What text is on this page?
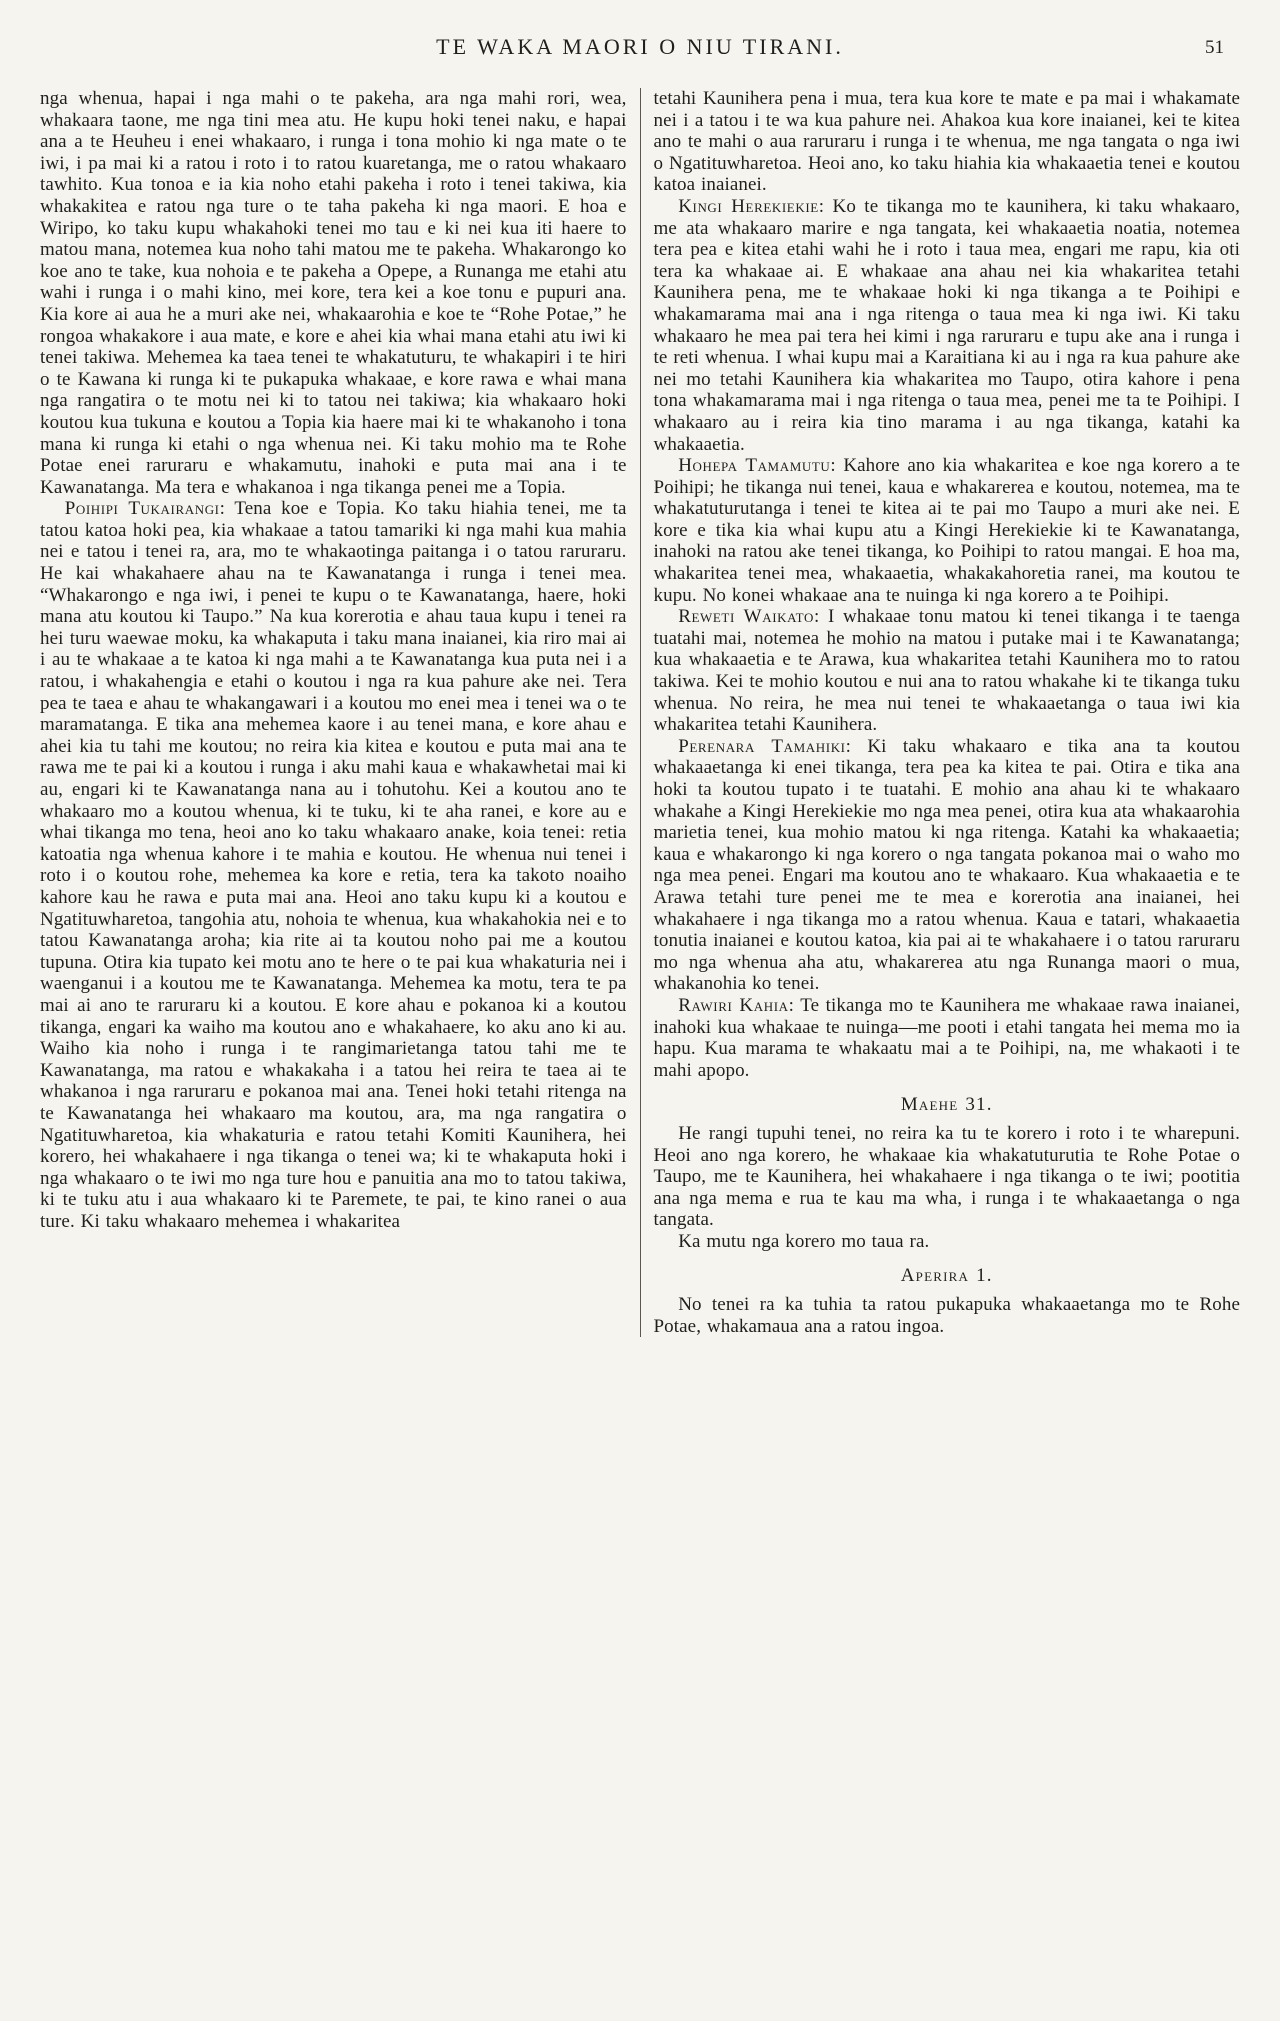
TE WAKA MAORI O NIU TIRANI.	51

nga whenua, hapai i nga mahi o te pakeha, ara nga mahi rori, wea, whakaara taone, me nga tini mea atu. He kupu hoki tenei naku, e hapai ana a te Heuheu i enei whakaaro, i runga i tona mohio ki nga mate o te iwi, i pa mai ki a ratou i roto i to ratou kuaretanga, me o ratou whakaaro tawhito. Kua tonoa e ia kia noho etahi pakeha i roto i tenei takiwa, kia whakakitea e ratou nga ture o te taha pakeha ki nga maori. E hoa e Wiripo, ko taku kupu whakahoki tenei mo tau e ki nei kua iti haere to matou mana, notemea kua noho tahi matou me te pakeha. Whakarongo ko koe ano te take, kua nohoia e te pakeha a Opepe, a Runanga me etahi atu wahi i runga i o mahi kino, mei kore, tera kei a koe tonu e pupuri ana. Kia kore ai aua he a muri ake nei, whakaarohia e koe te “Rohe Potae,” he rongoa whakakore i aua mate, e kore e ahei kia whai mana etahi atu iwi ki tenei takiwa. Mehemea ka taea tenei te whakatuturu, te whakapiri i te hiri o te Kawana ki runga ki te pukapuka whakaae, e kore rawa e whai mana nga rangatira o te motu nei ki to tatou nei takiwa; kia whakaaro hoki koutou kua tukuna e koutou a Topia kia haere mai ki te whakanoho i tona mana ki runga ki etahi o nga whenua nei. Ki taku mohio ma te Rohe Potae enei raruraru e whakamutu, inahoki e puta mai ana i te Kawanatanga. Ma tera e whakanoa i nga tikanga penei me a Topia.

Poihipi Tukairangi: Tena koe e Topia. Ko taku hiahia tenei, me ta tatou katoa hoki pea, kia whakaae a tatou tamariki ki nga mahi kua mahia nei e tatou i tenei ra, ara, mo te whakaotinga paitanga i o tatou raruraru. He kai whakahaere ahau na te Kawanatanga i runga i tenei mea. “Whakarongo e nga iwi, i penei te kupu o te Kawanatanga, haere, hoki mana atu koutou ki Taupo.” Na kua korerotia e ahau taua kupu i tenei ra hei turu waewae moku, ka whakaputa i taku mana inaianei, kia riro mai ai i au te whakaae a te katoa ki nga mahi a te Kawanatanga kua puta nei i a ratou, i whakahengia e etahi o koutou i nga ra kua pahure ake nei. Tera pea te taea e ahau te whakangawari i a koutou mo enei mea i tenei wa o te maramatanga. E tika ana mehemea kaore i au tenei mana, e kore ahau e ahei kia tu tahi me koutou; no reira kia kitea e koutou e puta mai ana te rawa me te pai ki a koutou i runga i aku mahi kaua e whakawhetai mai ki au, engari ki te Kawanatanga nana au i tohutohu. Kei a koutou ano te whakaaro mo a koutou whenua, ki te tuku, ki te aha ranei, e kore au e whai tikanga mo tena, heoi ano ko taku whakaaro anake, koia tenei: retia katoatia nga whenua kahore i te mahia e koutou. He whenua nui tenei i roto i o koutou rohe, mehemea ka kore e retia, tera ka takoto noaiho kahore kau he rawa e puta mai ana. Heoi ano taku kupu ki a koutou e Ngatituwharetoa, tangohia atu, nohoia te whenua, kua whakahokia nei e to tatou Kawanatanga aroha; kia rite ai ta koutou noho pai me a koutou tupuna. Otira kia tupato kei motu ano te here o te pai kua whakaturia nei i waenganui i a koutou me te Kawanatanga. Mehemea ka motu, tera te pa mai ai ano te raruraru ki a koutou. E kore ahau e pokanoa ki a koutou tikanga, engari ka waiho ma koutou ano e whakahaere, ko aku ano ki au. Waiho kia noho i runga i te rangimarietanga tatou tahi me te Kawanatanga, ma ratou e whakakaha i a tatou hei reira te taea ai te whakanoa i nga raruraru e pokanoa mai ana. Tenei hoki tetahi ritenga na te Kawanatanga hei whakaaro ma koutou, ara, ma nga rangatira o Ngatituwharetoa, kia whakaturia e ratou tetahi Komiti Kaunihera, hei korero, hei whakahaere i nga tikanga o tenei wa; ki te whakaputa hoki i nga whakaaro o te iwi mo nga ture hou e panuitia ana mo to tatou takiwa, ki te tuku atu i aua whakaaro ki te Paremete, te pai, te kino ranei o aua ture. Ki taku whakaaro mehemea i whakaritea

tetahi Kaunihera pena i mua, tera kua kore te mate e pa mai i whakamate nei i a tatou i te wa kua pahure nei. Ahakoa kua kore inaianei, kei te kitea ano te mahi o aua raruraru i runga i te whenua, me nga tangata o nga iwi o Ngatituwharetoa. Heoi ano, ko taku hiahia kia whakaaetia tenei e koutou katoa inaianei.

Kingi Herekiekie: Ko te tikanga mo te kaunihera, ki taku whakaaro, me ata whakaaro marire e nga tangata, kei whakaaetia noatia, notemea tera pea e kitea etahi wahi he i roto i taua mea, engari me rapu, kia oti tera ka whakaae ai. E whakaae ana ahau nei kia whakaritea tetahi Kaunihera pena, me te whakaae hoki ki nga tikanga a te Poihipi e whakamarama mai ana i nga ritenga o taua mea ki nga iwi. Ki taku whakaaro he mea pai tera hei kimi i nga raruraru e tupu ake ana i runga i te reti whenua. I whai kupu mai a Karaitiana ki au i nga ra kua pahure ake nei mo tetahi Kaunihera kia whakaritea mo Taupo, otira kahore i pena tona whakamarama mai i nga ritenga o taua mea, penei me ta te Poihipi. I whakaaro au i reira kia tino marama i au nga tikanga, katahi ka whakaaetia.

Hohepa Tamamutu: Kahore ano kia whakaritea e koe nga korero a te Poihipi; he tikanga nui tenei, kaua e whakarerea e koutou, notemea, ma te whakatuturutanga i tenei te kitea ai te pai mo Taupo a muri ake nei. E kore e tika kia whai kupu atu a Kingi Herekiekie ki te Kawanatanga, inahoki na ratou ake tenei tikanga, ko Poihipi to ratou mangai. E hoa ma, whakaritea tenei mea, whakaaetia, whakakahoretia ranei, ma koutou te kupu. No konei whakaae ana te nuinga ki nga korero a te Poihipi.

Reweti Waikato: I whakaae tonu matou ki tenei tikanga i te taenga tuatahi mai, notemea he mohio na matou i putake mai i te Kawanatanga; kua whakaaetia e te Arawa, kua whakaritea tetahi Kaunihera mo to ratou takiwa. Kei te mohio koutou e nui ana to ratou whakahe ki te tikanga tuku whenua. No reira, he mea nui tenei te whakaaetanga o taua iwi kia whakaritea tetahi Kaunihera.

Perenara Tamahiki: Ki taku whakaaro e tika ana ta koutou whakaaetanga ki enei tikanga, tera pea ka kitea te pai. Otira e tika ana hoki ta koutou tupato i te tuatahi. E mohio ana ahau ki te whakaaro whakahe a Kingi Herekiekie mo nga mea penei, otira kua ata whakaarohia marietia tenei, kua mohio matou ki nga ritenga. Katahi ka whakaaetia; kaua e whakarongo ki nga korero o nga tangata pokanoa mai o waho mo nga mea penei. Engari ma koutou ano te whakaaro. Kua whakaaetia e te Arawa tetahi ture penei me te mea e korerotia ana inaianei, hei whakahaere i nga tikanga mo a ratou whenua. Kaua e tatari, whakaaetia tonutia inaianei e koutou katoa, kia pai ai te whakahaere i o tatou raruraru mo nga whenua aha atu, whakarerea atu nga Runanga maori o mua, whakanohia ko tenei.

Rawiri Kahia: Te tikanga mo te Kaunihera me whakaae rawa inaianei, inahoki kua whakaae te nuinga—me pooti i etahi tangata hei mema mo ia hapu. Kua marama te whakaatu mai a te Poihipi, na, me whakaoti i te mahi apopo.

Maehe 31.

He rangi tupuhi tenei, no reira ka tu te korero i roto i te wharepuni. Heoi ano nga korero, he whakaae kia whakatuturutia te Rohe Potae o Taupo, me te Kaunihera, hei whakahaere i nga tikanga o te iwi; pootitia ana nga mema e rua te kau ma wha, i runga i te whakaaetanga o nga tangata.

Ka mutu nga korero mo taua ra.

Aperira 1.

No tenei ra ka tuhia ta ratou pukapuka whakaaetanga mo te Rohe Potae, whakamaua ana a ratou ingoa.
